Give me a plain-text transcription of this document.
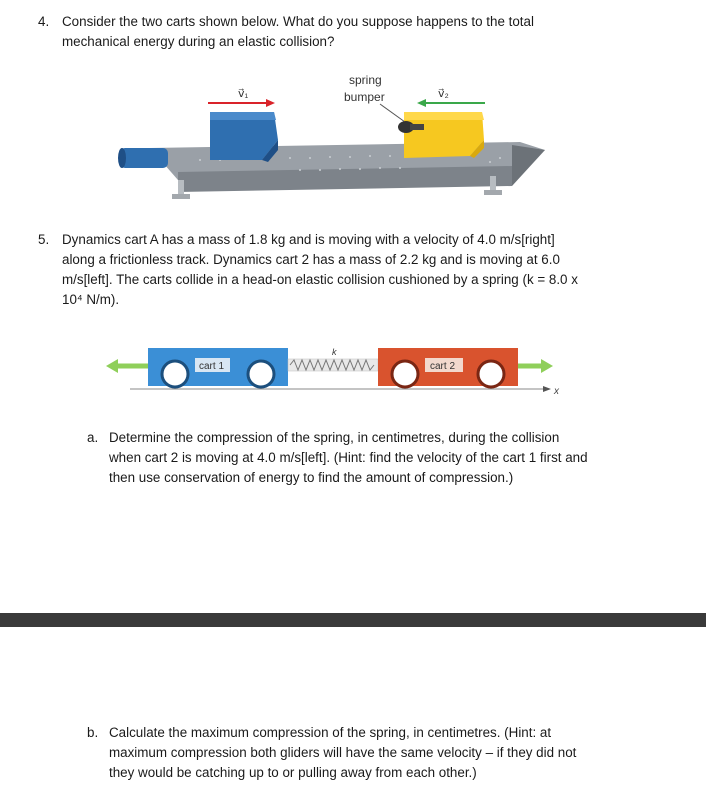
4. Consider the two carts shown below. What do you suppose happens to the total
mechanical energy during an elastic collision?
v⃗₁	v⃗₂
spring
bumper
5. Dynamics cart A has a mass of 1.8 kg and is moving with a velocity of 4.0 m/s[right]
along a frictionless track. Dynamics cart 2 has a mass of 2.2 kg and is moving at 6.0
m/s[left]. The carts collide in a head-on elastic collision cushioned by a spring (k = 8.0 x
10⁴ N/m).
x
cart 1
k
cart 2
a. Determine the compression of the spring, in centimetres, during the collision
when cart 2 is moving at 4.0 m/s[left]. (Hint: find the velocity of the cart 1 first and
then use conservation of energy to find the amount of compression.)
b. Calculate the maximum compression of the spring, in centimetres. (Hint: at
maximum compression both gliders will have the same velocity – if they did not
they would be catching up to or pulling away from each other.)
